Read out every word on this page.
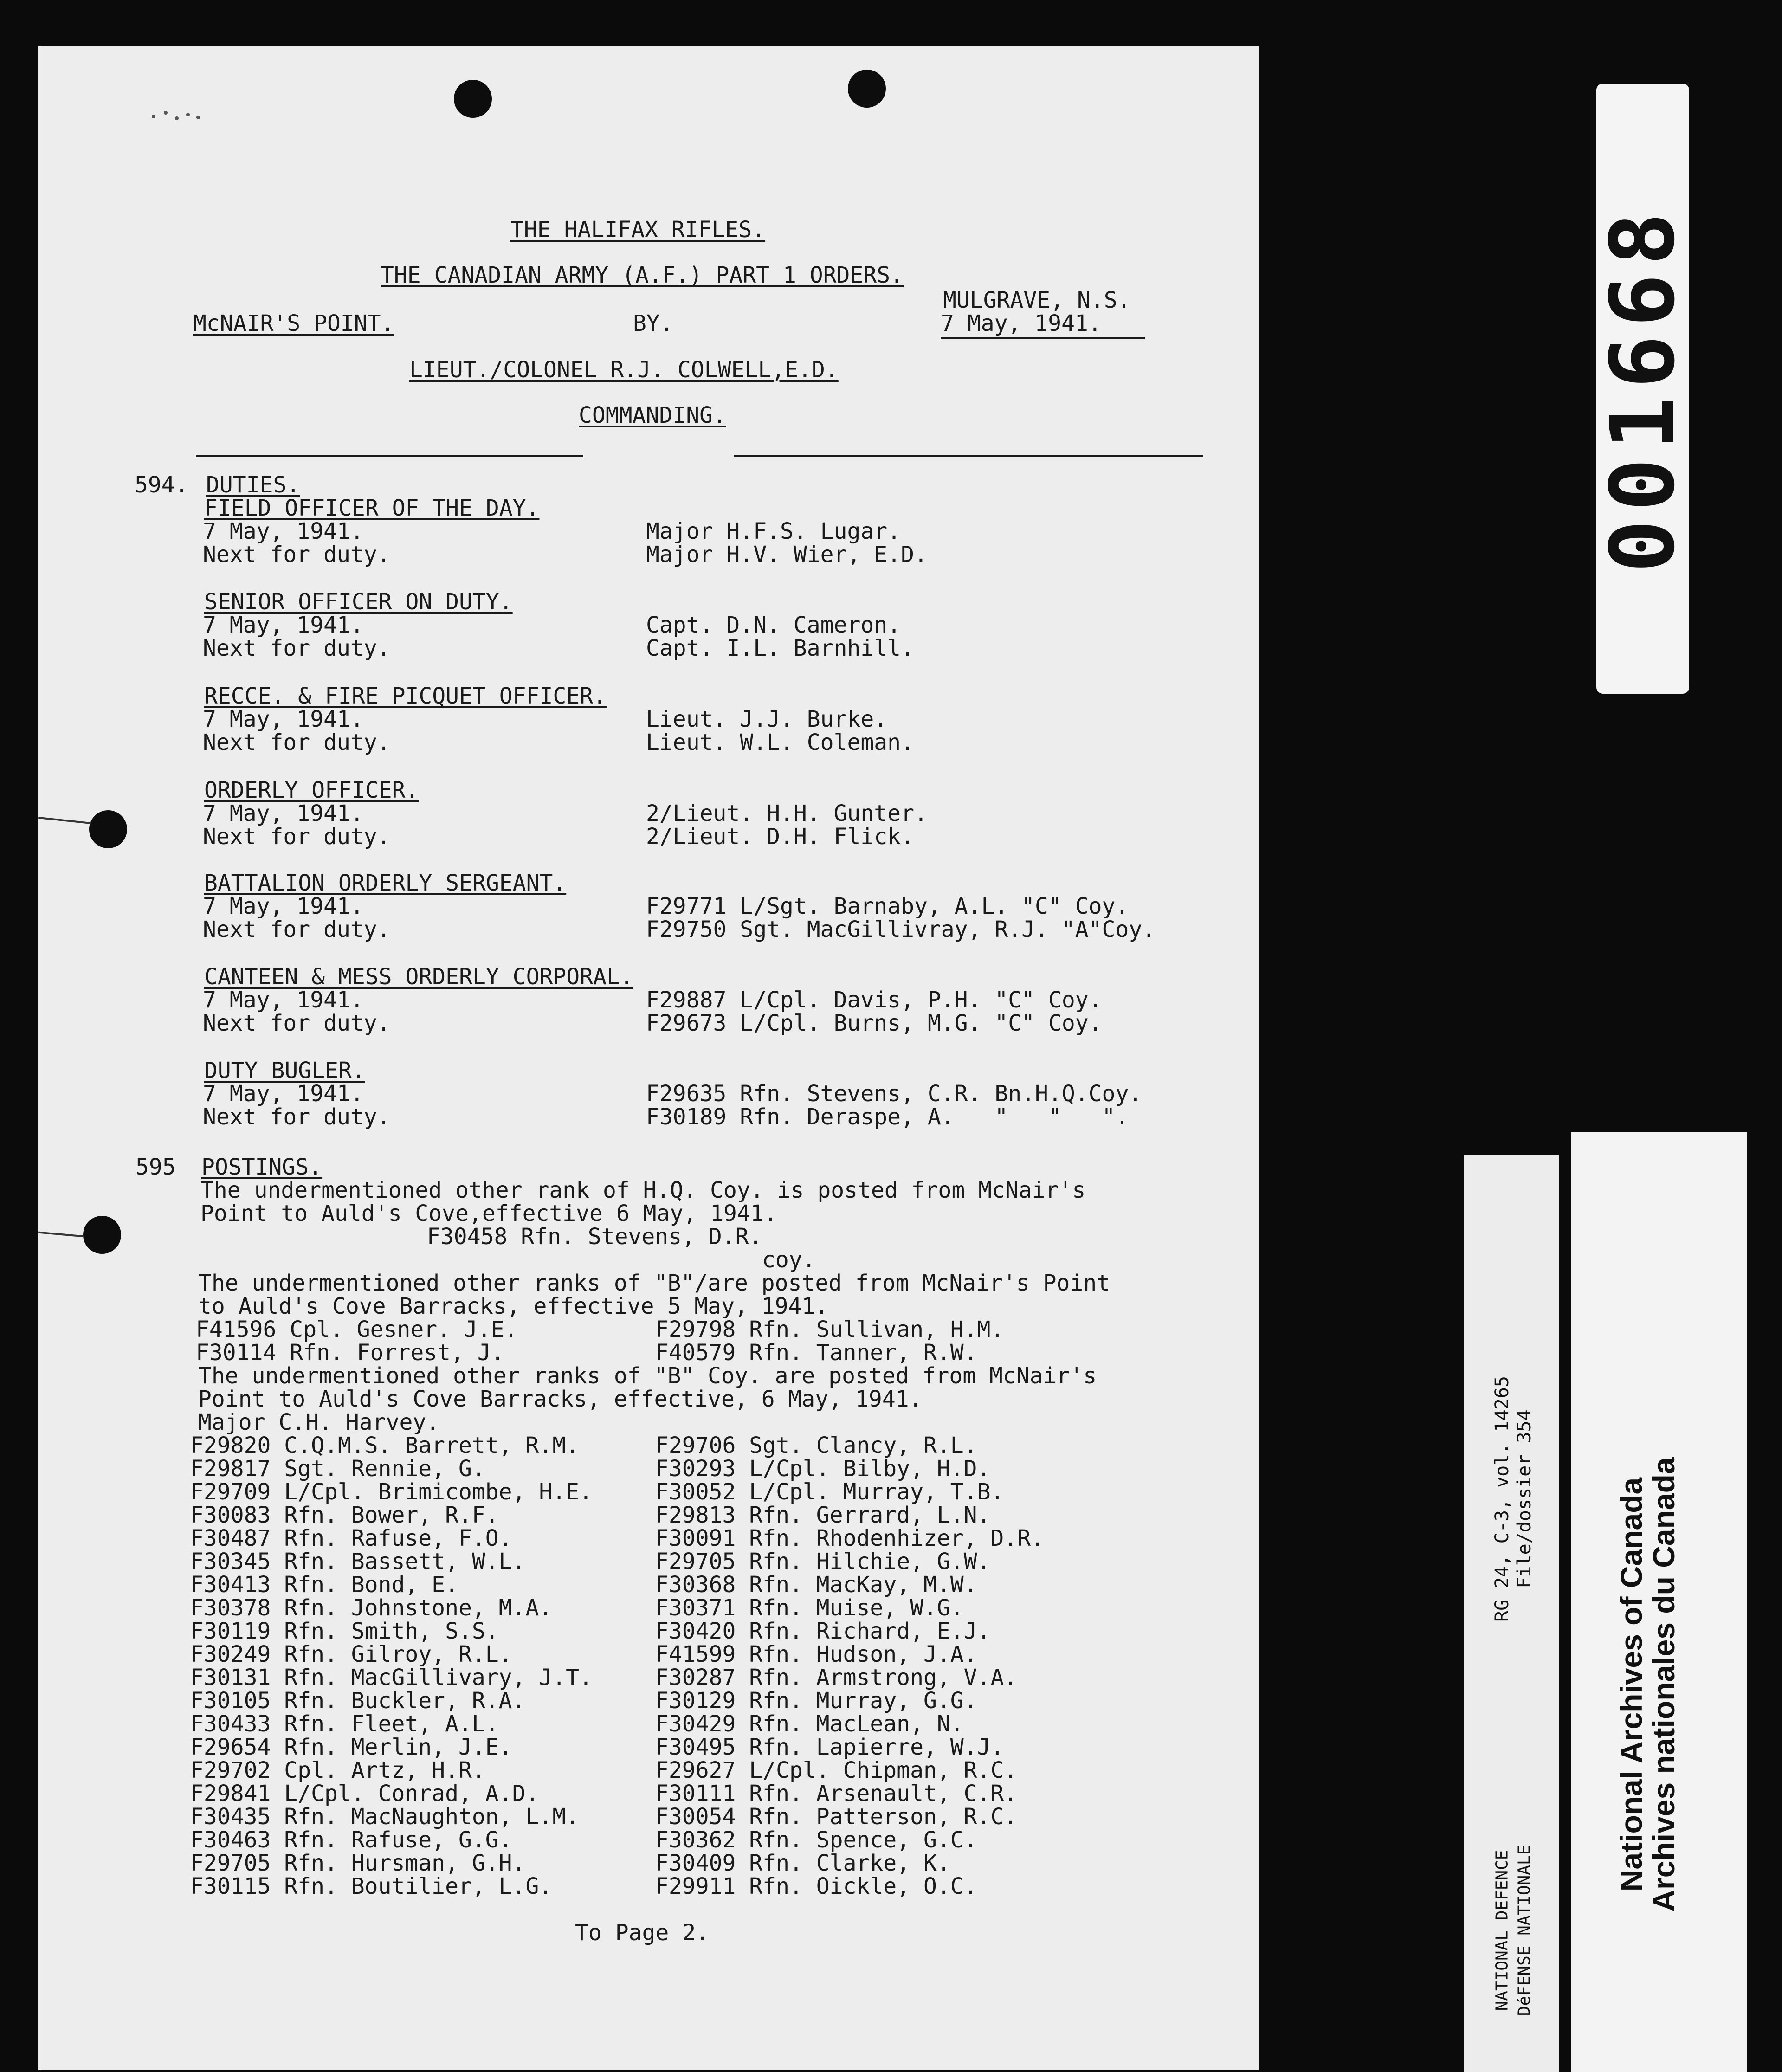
THE HALIFAX RIFLES.
THE CANADIAN ARMY (A.F.) PART 1 ORDERS.
MULGRAVE, N.S.
McNAIR'S POINT.	BY.	7 May, 1941.
LIEUT./COLONEL R.J. COLWELL,E.D.
COMMANDING.
594. DUTIES.
FIELD OFFICER OF THE DAY.
7 May, 1941.	Major H.F.S. Lugar.
Next for duty.	Major H.V. Wier, E.D.
SENIOR OFFICER ON DUTY.
7 May, 1941.	Capt. D.N. Cameron.
Next for duty.	Capt. I.L. Barnhill.
RECCE. & FIRE PICQUET OFFICER.
7 May, 1941.	Lieut. J.J. Burke.
Next for duty.	Lieut. W.L. Coleman.
ORDERLY OFFICER.
7 May, 1941.	2/Lieut. H.H. Gunter.
Next for duty.	2/Lieut. D.H. Flick.
BATTALION ORDERLY SERGEANT.
7 May, 1941.	F29771 L/Sgt. Barnaby, A.L. "C" Coy.
Next for duty.	F29750 Sgt. MacGillivray, R.J. "A"Coy.
CANTEEN & MESS ORDERLY CORPORAL.
7 May, 1941.	F29887 L/Cpl. Davis, P.H. "C" Coy.
Next for duty.	F29673 L/Cpl. Burns, M.G. "C" Coy.
DUTY BUGLER.
7 May, 1941.	F29635 Rfn. Stevens, C.R. Bn.H.Q.Coy.
Next for duty.	F30189 Rfn. Deraspe, A.   "   "   ".
595 POSTINGS.
The undermentioned other rank of H.Q. Coy. is posted from McNair's
Point to Auld's Cove,effective 6 May, 1941.
F30458 Rfn. Stevens, D.R.
coy.
The undermentioned other ranks of "B"/are posted from McNair's Point
to Auld's Cove Barracks, effective 5 May, 1941.
F41596 Cpl. Gesner. J.E.	F29798 Rfn. Sullivan, H.M.
F30114 Rfn. Forrest, J.	F40579 Rfn. Tanner, R.W.
The undermentioned other ranks of "B" Coy. are posted from McNair's
Point to Auld's Cove Barracks, effective, 6 May, 1941.
Major C.H. Harvey.
F29820 C.Q.M.S. Barrett, R.M.	F29706 Sgt. Clancy, R.L.
F29817 Sgt. Rennie, G.	F30293 L/Cpl. Bilby, H.D.
F29709 L/Cpl. Brimicombe, H.E.	F30052 L/Cpl. Murray, T.B.
F30083 Rfn. Bower, R.F.	F29813 Rfn. Gerrard, L.N.
F30487 Rfn. Rafuse, F.O.	F30091 Rfn. Rhodenhizer, D.R.
F30345 Rfn. Bassett, W.L.	F29705 Rfn. Hilchie, G.W.
F30413 Rfn. Bond, E.	F30368 Rfn. MacKay, M.W.
F30378 Rfn. Johnstone, M.A.	F30371 Rfn. Muise, W.G.
F30119 Rfn. Smith, S.S.	F30420 Rfn. Richard, E.J.
F30249 Rfn. Gilroy, R.L.	F41599 Rfn. Hudson, J.A.
F30131 Rfn. MacGillivary, J.T.	F30287 Rfn. Armstrong, V.A.
F30105 Rfn. Buckler, R.A.	F30129 Rfn. Murray, G.G.
F30433 Rfn. Fleet, A.L.	F30429 Rfn. MacLean, N.
F29654 Rfn. Merlin, J.E.	F30495 Rfn. Lapierre, W.J.
F29702 Cpl. Artz, H.R.	F29627 L/Cpl. Chipman, R.C.
F29841 L/Cpl. Conrad, A.D.	F30111 Rfn. Arsenault, C.R.
F30435 Rfn. MacNaughton, L.M.	F30054 Rfn. Patterson, R.C.
F30463 Rfn. Rafuse, G.G.	F30362 Rfn. Spence, G.C.
F29705 Rfn. Hursman, G.H.	F30409 Rfn. Clarke, K.
F30115 Rfn. Boutilier, L.G.	F29911 Rfn. Oickle, O.C.
To Page 2.
001668
RG 24, C-3, vol. 14265 File/dossier 354
NATIONAL DEFENCE DéFENSE NATIONALE
National Archives of Canada
Archives nationales du Canada
